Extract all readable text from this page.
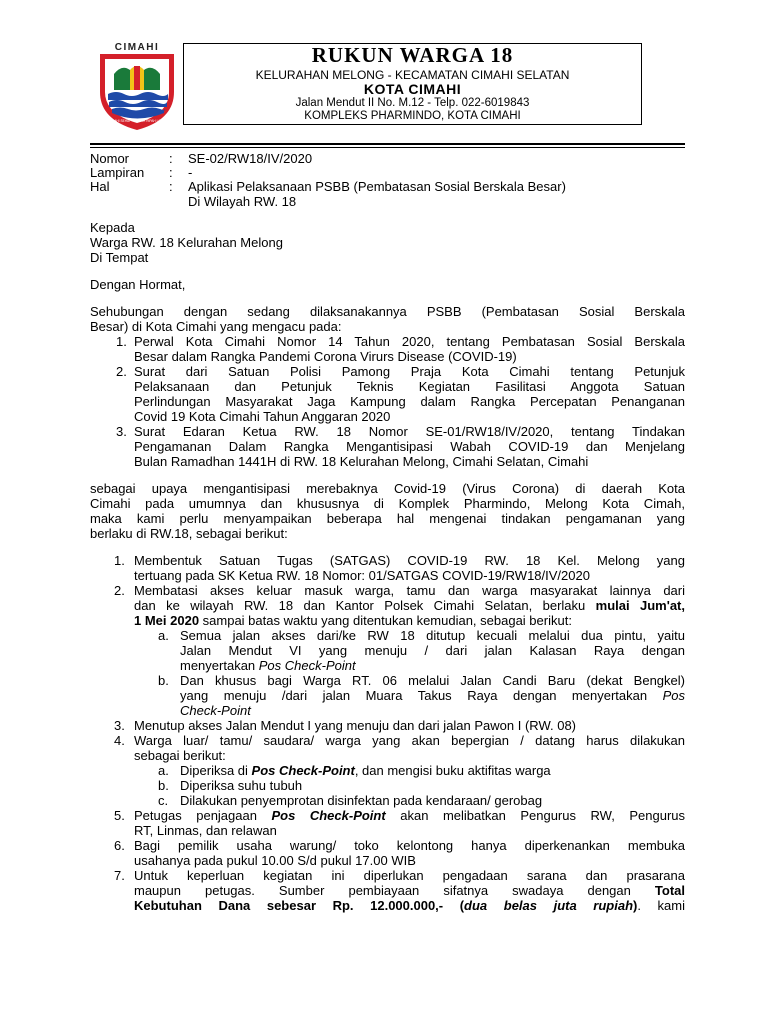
CIMAHI
KOTA CIMAHI SEHAT · GEMAH RIPAH LOH JINAWI
RUKUN WARGA 18
KELURAHAN MELONG - KECAMATAN CIMAHI SELATAN
KOTA CIMAHI
Jalan Mendut II No. M.12 - Telp. 022-6019843
KOMPLEKS PHARMINDO, KOTA CIMAHI
Nomor	: SE-02/RW18/IV/2020
Lampiran : -
Hal	: Aplikasi Pelaksanaan PSBB (Pembatasan Sosial Berskala Besar)
Di Wilayah RW. 18
Kepada
Warga RW. 18 Kelurahan Melong
Di Tempat
Dengan Hormat,
Sehubungan dengan sedang dilaksanakannya PSBB (Pembatasan Sosial Berskala
Besar) di Kota Cimahi yang mengacu pada:
1. Perwal Kota Cimahi Nomor 14 Tahun 2020, tentang Pembatasan Sosial Berskala
Besar dalam Rangka Pandemi Corona Virurs Disease (COVID-19)
2. Surat dari Satuan Polisi Pamong Praja Kota Cimahi tentang Petunjuk
Pelaksanaan dan Petunjuk Teknis Kegiatan Fasilitasi Anggota Satuan
Perlindungan Masyarakat Jaga Kampung dalam Rangka Percepatan Penanganan
Covid 19 Kota Cimahi Tahun Anggaran 2020
3. Surat Edaran Ketua RW. 18 Nomor SE-01/RW18/IV/2020, tentang Tindakan
Pengamanan Dalam Rangka Mengantisipasi Wabah COVID-19 dan Menjelang
Bulan Ramadhan 1441H di RW. 18 Kelurahan Melong, Cimahi Selatan, Cimahi
sebagai upaya mengantisipasi merebaknya Covid-19 (Virus Corona) di daerah Kota
Cimahi pada umumnya dan khususnya di Komplek Pharmindo, Melong Kota Cimah,
maka kami perlu menyampaikan beberapa hal mengenai tindakan pengamanan yang
berlaku di RW.18, sebagai berikut:
1. Membentuk Satuan Tugas (SATGAS) COVID-19 RW. 18 Kel. Melong yang
tertuang pada SK Ketua RW. 18 Nomor: 01/SATGAS COVID-19/RW18/IV/2020
2. Membatasi akses keluar masuk warga, tamu dan warga masyarakat lainnya dari
dan ke wilayah RW. 18 dan Kantor Polsek Cimahi Selatan, berlaku mulai Jum'at,
1 Mei 2020 sampai batas waktu yang ditentukan kemudian, sebagai berikut:
a. Semua jalan akses dari/ke RW 18 ditutup kecuali melalui dua pintu, yaitu
Jalan Mendut VI yang menuju / dari jalan Kalasan Raya dengan
menyertakan Pos Check-Point
b. Dan khusus bagi Warga RT. 06 melalui Jalan Candi Baru (dekat Bengkel)
yang menuju /dari jalan Muara Takus Raya dengan menyertakan Pos
Check-Point
3. Menutup akses Jalan Mendut I yang menuju dan dari jalan Pawon I (RW. 08)
4. Warga luar/ tamu/ saudara/ warga yang akan bepergian / datang harus dilakukan
sebagai berikut:
a. Diperiksa di Pos Check-Point, dan mengisi buku aktifitas warga
b. Diperiksa suhu tubuh
c. Dilakukan penyemprotan disinfektan pada kendaraan/ gerobag
5. Petugas penjagaan Pos Check-Point akan melibatkan Pengurus RW, Pengurus
RT, Linmas, dan relawan
6. Bagi pemilik usaha warung/ toko kelontong hanya diperkenankan membuka
usahanya pada pukul 10.00 S/d pukul 17.00 WIB
7. Untuk keperluan kegiatan ini diperlukan pengadaan sarana dan prasarana
maupun petugas. Sumber pembiayaan sifatnya swadaya dengan Total
Kebutuhan Dana sebesar Rp. 12.000.000,- (dua belas juta rupiah). kami
